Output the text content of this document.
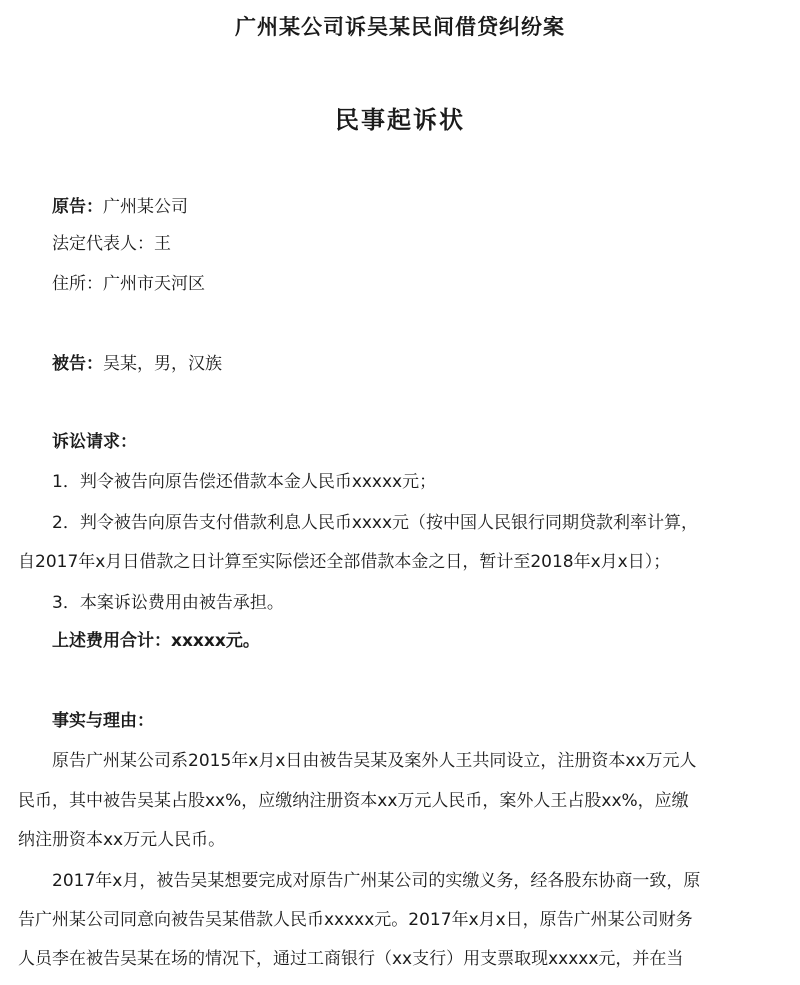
广州某公司诉吴某民间借贷纠纷案
民事起诉状
原告：广州某公司
法定代表人：王
住所：广州市天河区
被告：吴某，男，汉族
诉讼请求：
1．判令被告向原告偿还借款本金人民币xxxxx元；
2．判令被告向原告支付借款利息人民币xxxx元（按中国人民银行同期贷款利率计算，
自2017年x月日借款之日计算至实际偿还全部借款本金之日，暂计至2018年x月x日）；
3．本案诉讼费用由被告承担。
上述费用合计：xxxxx元。
事实与理由：
原告广州某公司系2015年x月x日由被告吴某及案外人王共同设立，注册资本xx万元人
民币，其中被告吴某占股xx%，应缴纳注册资本xx万元人民币，案外人王占股xx%，应缴
纳注册资本xx万元人民币。
2017年x月，被告吴某想要完成对原告广州某公司的实缴义务，经各股东协商一致，原
告广州某公司同意向被告吴某借款人民币xxxxx元。2017年x月x日，原告广州某公司财务
人员李在被告吴某在场的情况下，通过工商银行（xx支行）用支票取现xxxxx元，并在当
